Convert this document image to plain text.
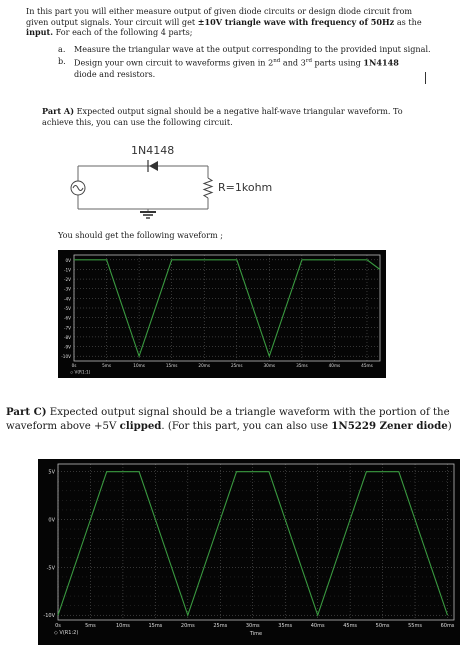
In this part you will either measure output of given diode circuits or design diode circuit from
given output signals. Your circuit will get ±10V triangle wave with frequency of 50Hz as the
input. For each of the following 4 parts;
a. Measure the triangular wave at the output corresponding to the provided input signal.
b. Design your own circuit to waveforms given in 2nd and 3rd parts using 1N4148
diode and resistors.
Part A) Expected output signal should be a negative half-wave triangular waveform. To achieve this, you can use the following circuit.
1N4148
R=1kohm
You should get the following waveform ;
0V
-1V
-2V
-3V
-4V
-5V
-6V
-7V
-8V
-9V
-10V
0s	5ms	10ms	15ms	20ms	25ms	30ms	35ms	40ms	45ms
◇ V(R1:1)
Part C) Expected output signal should be a triangle waveform with the portion of the waveform above +5V clipped. (For this part, you can also use 1N5229 Zener diode)
5V
0V
-5V
-10V
0s	5ms	10ms	15ms	20ms	25ms	30ms	35ms	40ms	45ms	50ms	55ms	60ms
◇ V(R1:2)	Time
